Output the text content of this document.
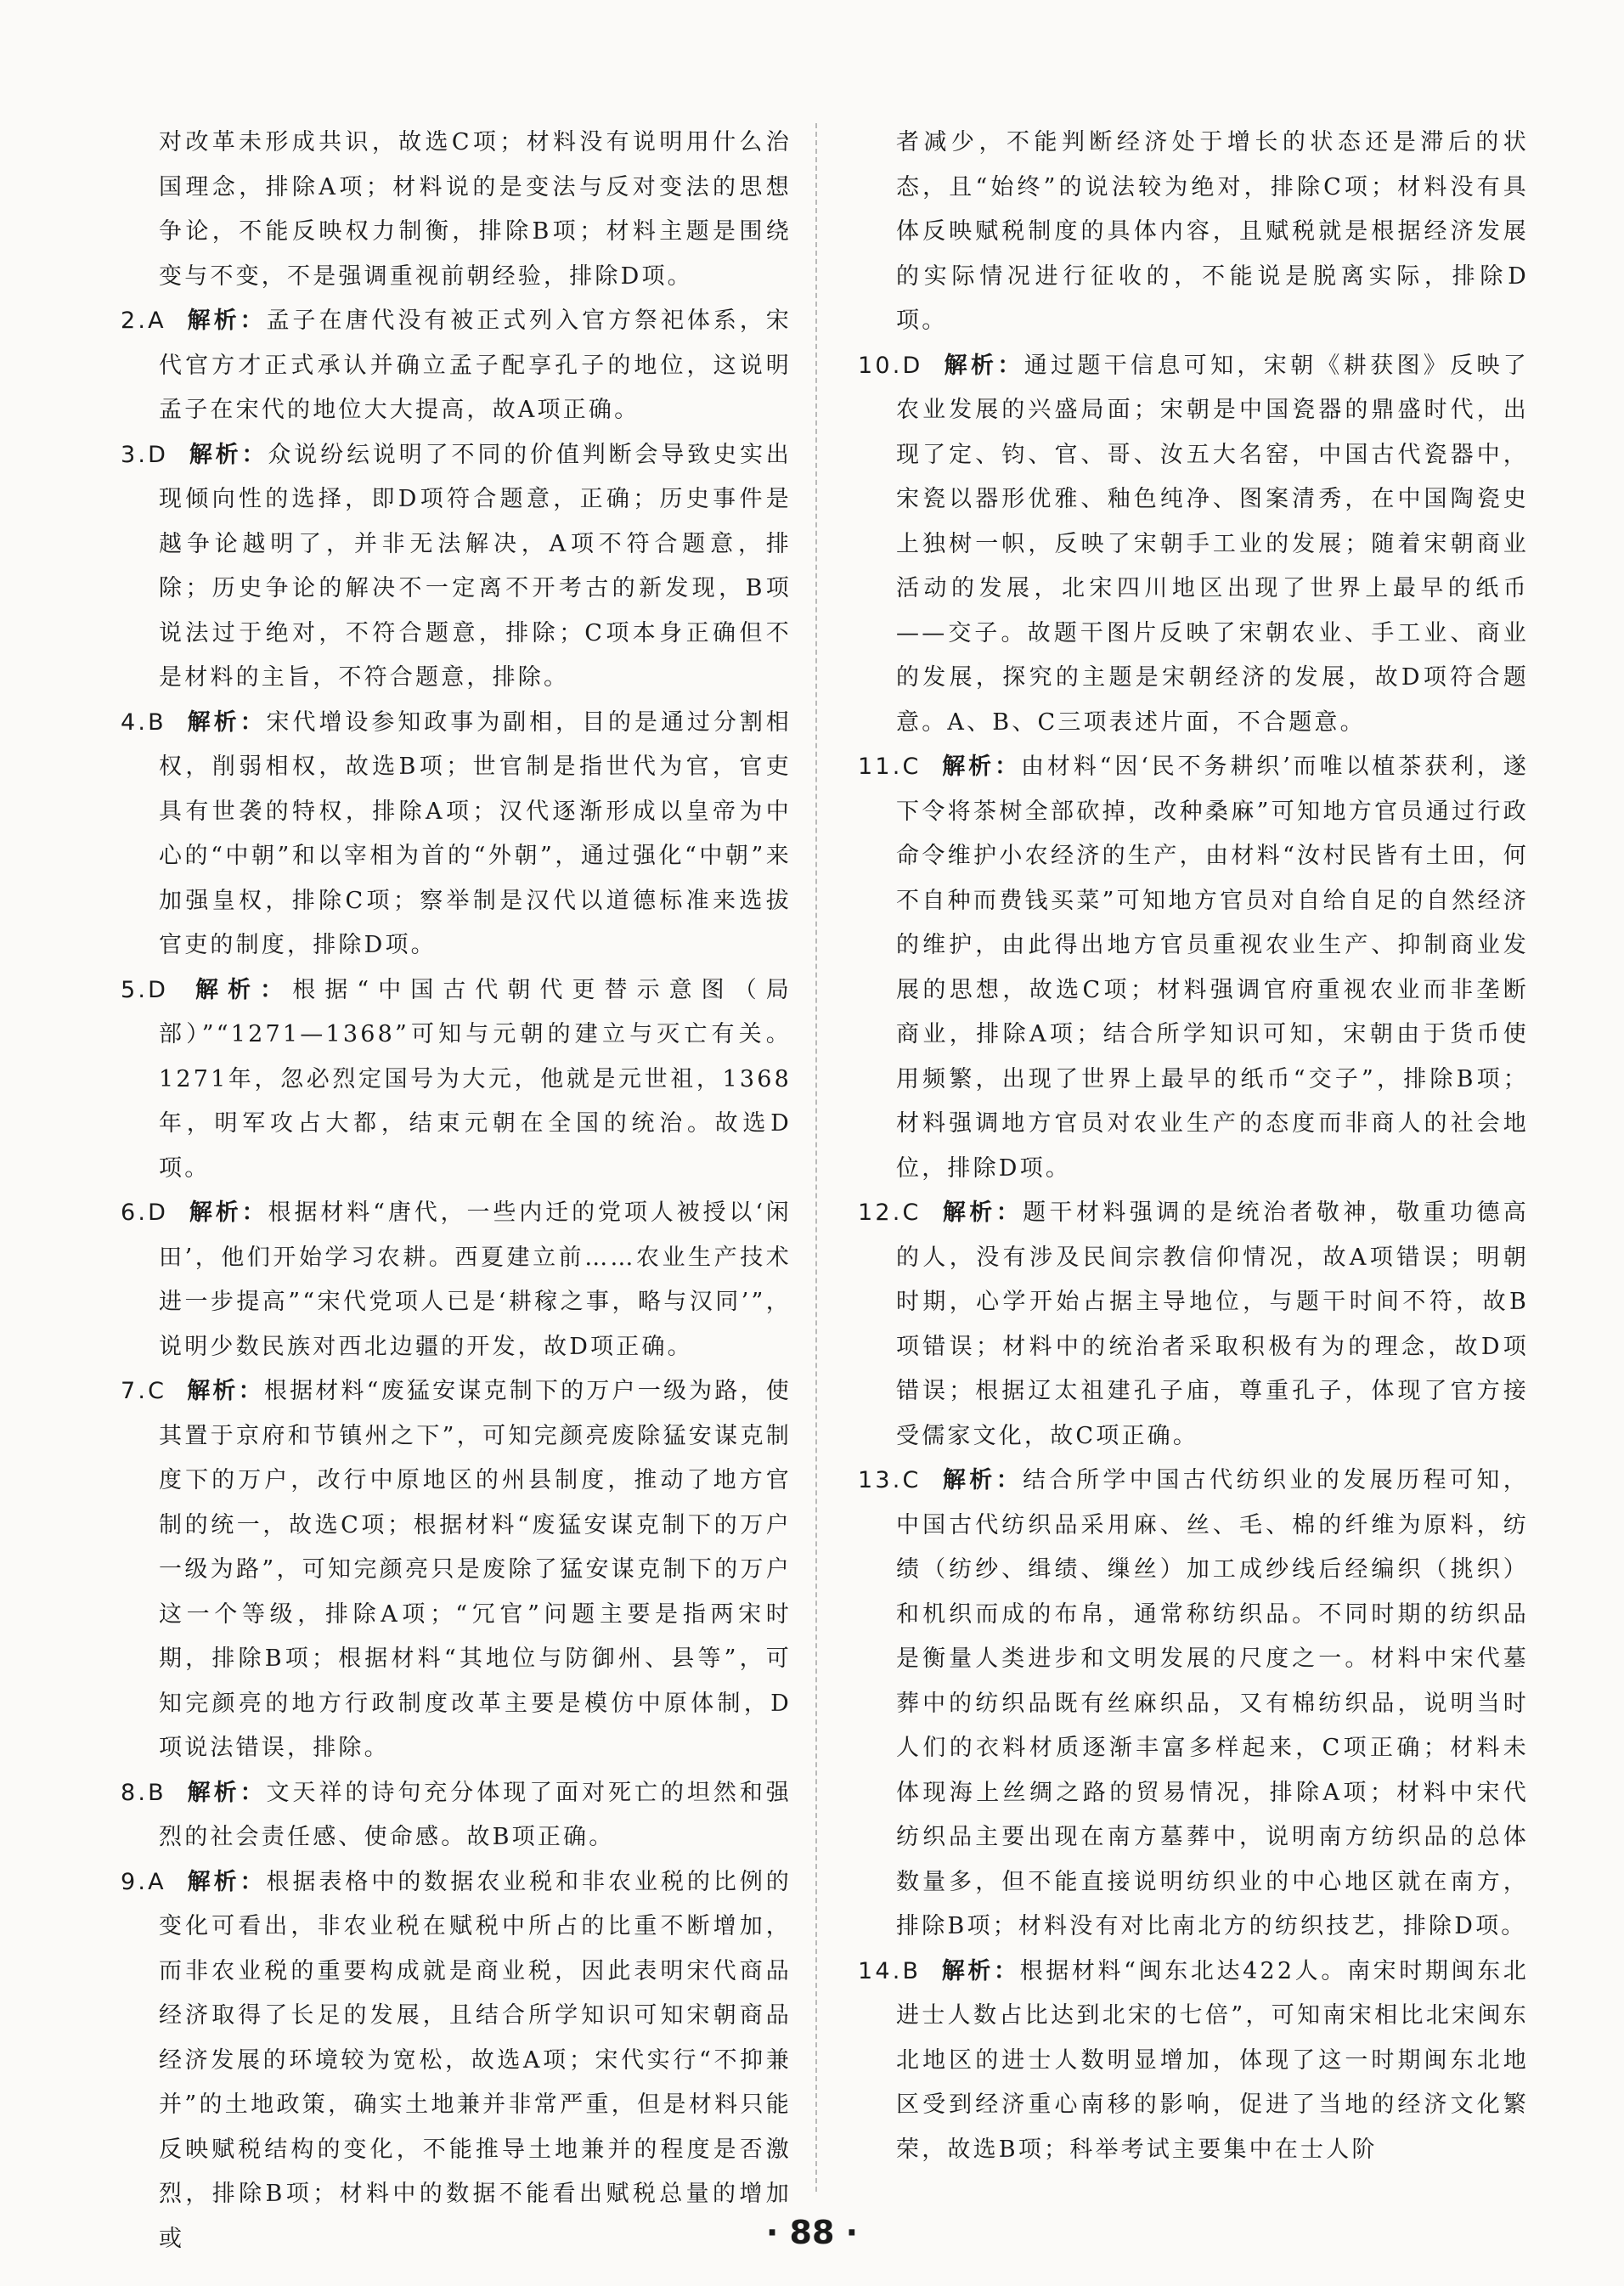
对改革未形成共识，故选C项；材料没有说明用什么治国理念，排除A项；材料说的是变法与反对变法的思想争论，不能反映权力制衡，排除B项；材料主题是围绕变与不变，不是强调重视前朝经验，排除D项。
2.A 解析：孟子在唐代没有被正式列入官方祭祀体系，宋代官方才正式承认并确立孟子配享孔子的地位，这说明孟子在宋代的地位大大提高，故A项正确。
3.D 解析：众说纷纭说明了不同的价值判断会导致史实出现倾向性的选择，即D项符合题意，正确；历史事件是越争论越明了，并非无法解决，A项不符合题意，排除；历史争论的解决不一定离不开考古的新发现，B项说法过于绝对，不符合题意，排除；C项本身正确但不是材料的主旨，不符合题意，排除。
4.B 解析：宋代增设参知政事为副相，目的是通过分割相权，削弱相权，故选B项；世官制是指世代为官，官吏具有世袭的特权，排除A项；汉代逐渐形成以皇帝为中心的“中朝”和以宰相为首的“外朝”，通过强化“中朝”来加强皇权，排除C项；察举制是汉代以道德标准来选拔官吏的制度，排除D项。
5.D 解析：根据“中国古代朝代更替示意图（局部）”“1271—1368”可知与元朝的建立与灭亡有关。1271年，忽必烈定国号为大元，他就是元世祖，1368年，明军攻占大都，结束元朝在全国的统治。故选D项。
6.D 解析：根据材料“唐代，一些内迁的党项人被授以‘闲田’，他们开始学习农耕。西夏建立前……农业生产技术进一步提高”“宋代党项人已是‘耕稼之事，略与汉同’”，说明少数民族对西北边疆的开发，故D项正确。
7.C 解析：根据材料“废猛安谋克制下的万户一级为路，使其置于京府和节镇州之下”，可知完颜亮废除猛安谋克制度下的万户，改行中原地区的州县制度，推动了地方官制的统一，故选C项；根据材料“废猛安谋克制下的万户一级为路”，可知完颜亮只是废除了猛安谋克制下的万户这一个等级，排除A项；“冗官”问题主要是指两宋时期，排除B项；根据材料“其地位与防御州、县等”，可知完颜亮的地方行政制度改革主要是模仿中原体制，D项说法错误，排除。
8.B 解析：文天祥的诗句充分体现了面对死亡的坦然和强烈的社会责任感、使命感。故B项正确。
9.A 解析：根据表格中的数据农业税和非农业税的比例的变化可看出，非农业税在赋税中所占的比重不断增加，而非农业税的重要构成就是商业税，因此表明宋代商品经济取得了长足的发展，且结合所学知识可知宋朝商品经济发展的环境较为宽松，故选A项；宋代实行“不抑兼并”的土地政策，确实土地兼并非常严重，但是材料只能反映赋税结构的变化，不能推导土地兼并的程度是否激烈，排除B项；材料中的数据不能看出赋税总量的增加或
者减少，不能判断经济处于增长的状态还是滞后的状态，且“始终”的说法较为绝对，排除C项；材料没有具体反映赋税制度的具体内容，且赋税就是根据经济发展的实际情况进行征收的，不能说是脱离实际，排除D项。
10.D 解析：通过题干信息可知，宋朝《耕获图》反映了农业发展的兴盛局面；宋朝是中国瓷器的鼎盛时代，出现了定、钧、官、哥、汝五大名窑，中国古代瓷器中，宋瓷以器形优雅、釉色纯净、图案清秀，在中国陶瓷史上独树一帜，反映了宋朝手工业的发展；随着宋朝商业活动的发展，北宋四川地区出现了世界上最早的纸币——交子。故题干图片反映了宋朝农业、手工业、商业的发展，探究的主题是宋朝经济的发展，故D项符合题意。A、B、C三项表述片面，不合题意。
11.C 解析：由材料“因‘民不务耕织’而唯以植茶获利，遂下令将茶树全部砍掉，改种桑麻”可知地方官员通过行政命令维护小农经济的生产，由材料“汝村民皆有土田，何不自种而费钱买菜”可知地方官员对自给自足的自然经济的维护，由此得出地方官员重视农业生产、抑制商业发展的思想，故选C项；材料强调官府重视农业而非垄断商业，排除A项；结合所学知识可知，宋朝由于货币使用频繁，出现了世界上最早的纸币“交子”，排除B项；材料强调地方官员对农业生产的态度而非商人的社会地位，排除D项。
12.C 解析：题干材料强调的是统治者敬神，敬重功德高的人，没有涉及民间宗教信仰情况，故A项错误；明朝时期，心学开始占据主导地位，与题干时间不符，故B项错误；材料中的统治者采取积极有为的理念，故D项错误；根据辽太祖建孔子庙，尊重孔子，体现了官方接受儒家文化，故C项正确。
13.C 解析：结合所学中国古代纺织业的发展历程可知，中国古代纺织品采用麻、丝、毛、棉的纤维为原料，纺绩（纺纱、缉绩、缫丝）加工成纱线后经编织（挑织）和机织而成的布帛，通常称纺织品。不同时期的纺织品是衡量人类进步和文明发展的尺度之一。材料中宋代墓葬中的纺织品既有丝麻织品，又有棉纺织品，说明当时人们的衣料材质逐渐丰富多样起来，C项正确；材料未体现海上丝绸之路的贸易情况，排除A项；材料中宋代纺织品主要出现在南方墓葬中，说明南方纺织品的总体数量多，但不能直接说明纺织业的中心地区就在南方，排除B项；材料没有对比南北方的纺织技艺，排除D项。
14.B 解析：根据材料“闽东北达422人。南宋时期闽东北进士人数占比达到北宋的七倍”，可知南宋相比北宋闽东北地区的进士人数明显增加，体现了这一时期闽东北地区受到经济重心南移的影响，促进了当地的经济文化繁荣，故选B项；科举考试主要集中在士人阶
· 88 ·
